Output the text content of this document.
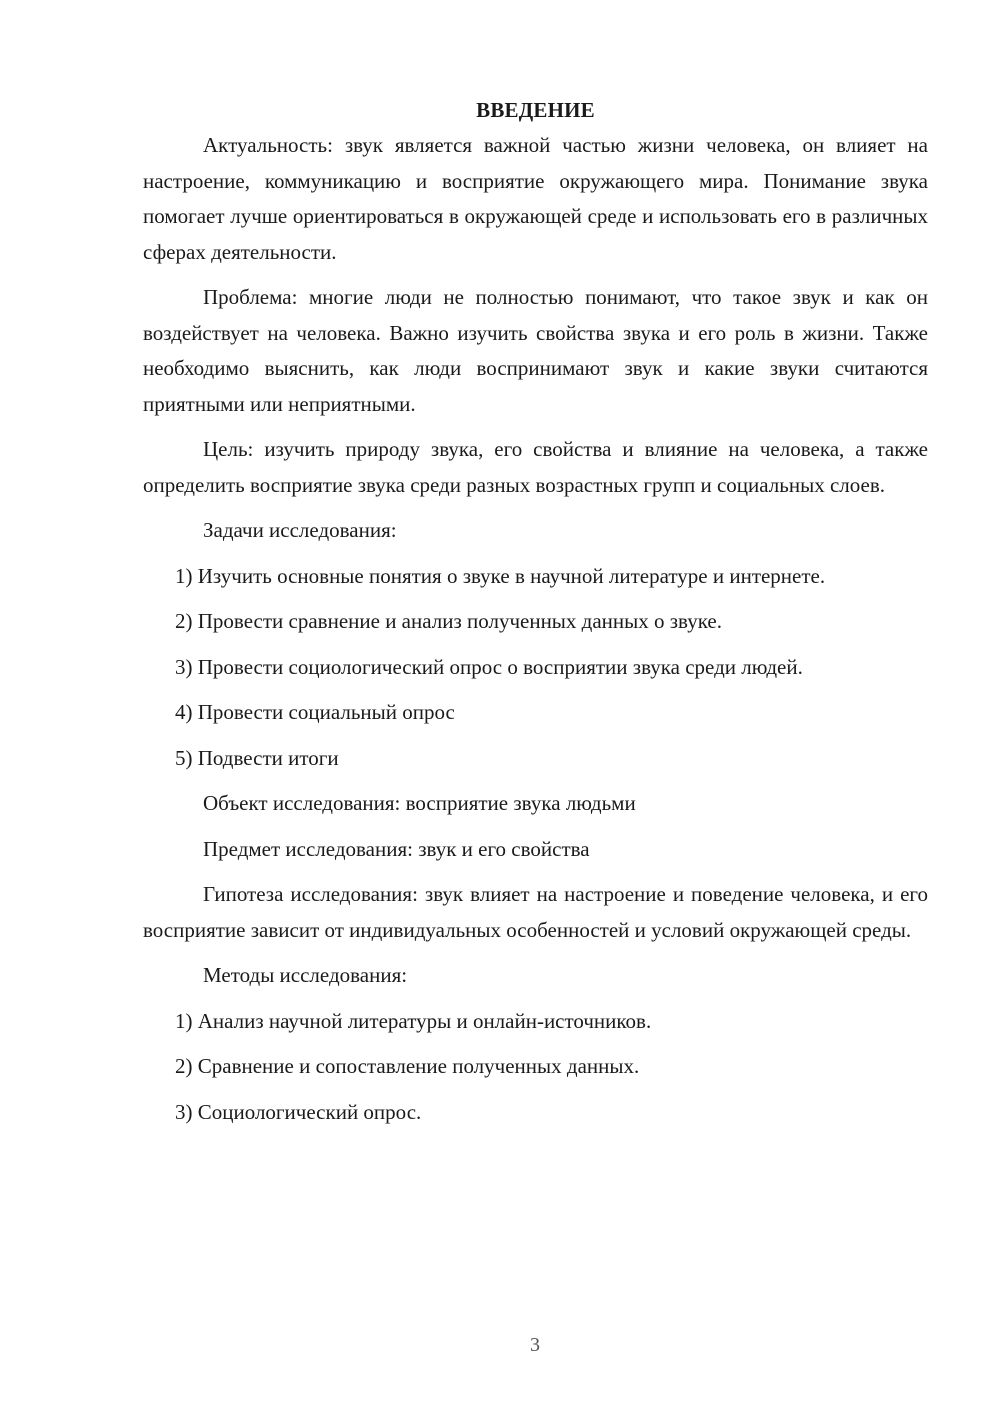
ВВЕДЕНИЕ

Актуальность: звук является важной частью жизни человека, он влияет на настроение, коммуникацию и восприятие окружающего мира. Понимание звука помогает лучше ориентироваться в окружающей среде и использовать его в различных сферах деятельности.

Проблема: многие люди не полностью понимают, что такое звук и как он воздействует на человека. Важно изучить свойства звука и его роль в жизни. Также необходимо выяснить, как люди воспринимают звук и какие звуки считаются приятными или неприятными.

Цель: изучить природу звука, его свойства и влияние на человека, а также определить восприятие звука среди разных возрастных групп и социальных слоев.

Задачи исследования:

1) Изучить основные понятия о звуке в научной литературе и интернете.

2) Провести сравнение и анализ полученных данных о звуке.

3) Провести социологический опрос о восприятии звука среди людей.

4) Провести социальный опрос

5) Подвести итоги

Объект исследования: восприятие звука людьми

Предмет исследования: звук и его свойства

Гипотеза исследования: звук влияет на настроение и поведение человека, и его восприятие зависит от индивидуальных особенностей и условий окружающей среды.

Методы исследования:

1) Анализ научной литературы и онлайн-источников.

2) Сравнение и сопоставление полученных данных.

3) Социологический опрос.

3
